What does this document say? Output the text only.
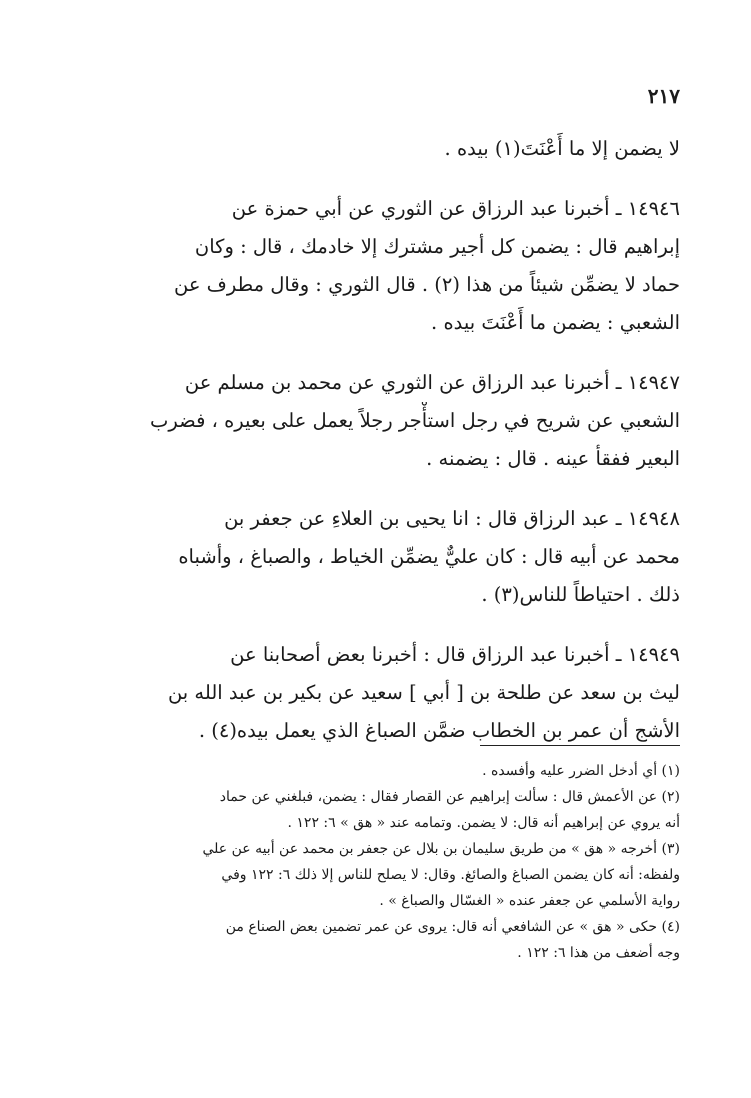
٢١٧
لا يضمن إلا ما أَعْنَتَ(١) بيده .
١٤٩٤٦ ـ أخبرنا عبد الرزاق عن الثوري عن أبي حمزة عن
إبراهيم قال : يضمن كل أجير مشترك إلا خادمك ، قال : وكان
حماد لا يضمِّن شيئاً من هذا (٢) . قال الثوري : وقال مطرف عن
الشعبي : يضمن ما أَعْنَتَ بيده .
١٤٩٤٧ ـ أخبرنا عبد الرزاق عن الثوري عن محمد بن مسلم عن
الشعبي عن شريح في رجل استأْجر رجلاً يعمل على بعيره ، فضرب
البعير ففقأ عينه . قال : يضمنه .
١٤٩٤٨ ـ عبد الرزاق قال : انا يحيى بن العلاءِ عن جعفر بن
محمد عن أبيه قال : كان عليٌّ يضمِّن الخياط ، والصباغ ، وأشباه
ذلك . احتياطاً للناس(٣) .
١٤٩٤٩ ـ أخبرنا عبد الرزاق قال : أخبرنا بعض أصحابنا عن
ليث بن سعد عن طلحة بن [ أبي ] سعيد عن بكير بن عبد الله بن
الأشج أن عمر بن الخطاب ضمَّن الصباغ الذي يعمل بيده(٤) .
(١) أي أدخل الضرر عليه وأفسده .
(٢) عن الأعمش قال : سألت إبراهيم عن القصار فقال : يضمن، فبلغني عن حماد
أنه يروي عن إبراهيم أنه قال: لا يضمن. وتمامه عند « هق » ٦: ١٢٢ .
(٣) أخرجه « هق » من طريق سليمان بن بلال عن جعفر بن محمد عن أبيه عن علي
ولفظه: أنه كان يضمن الصباغ والصائغ. وقال: لا يصلح للناس إلا ذلك ٦: ١٢٢ وفي
رواية الأسلمي عن جعفر عنده « الغسّال والصباغ » .
(٤) حكى « هق » عن الشافعي أنه قال: يروى عن عمر تضمين بعض الصناع من
وجه أضعف من هذا ٦: ١٢٢ .
